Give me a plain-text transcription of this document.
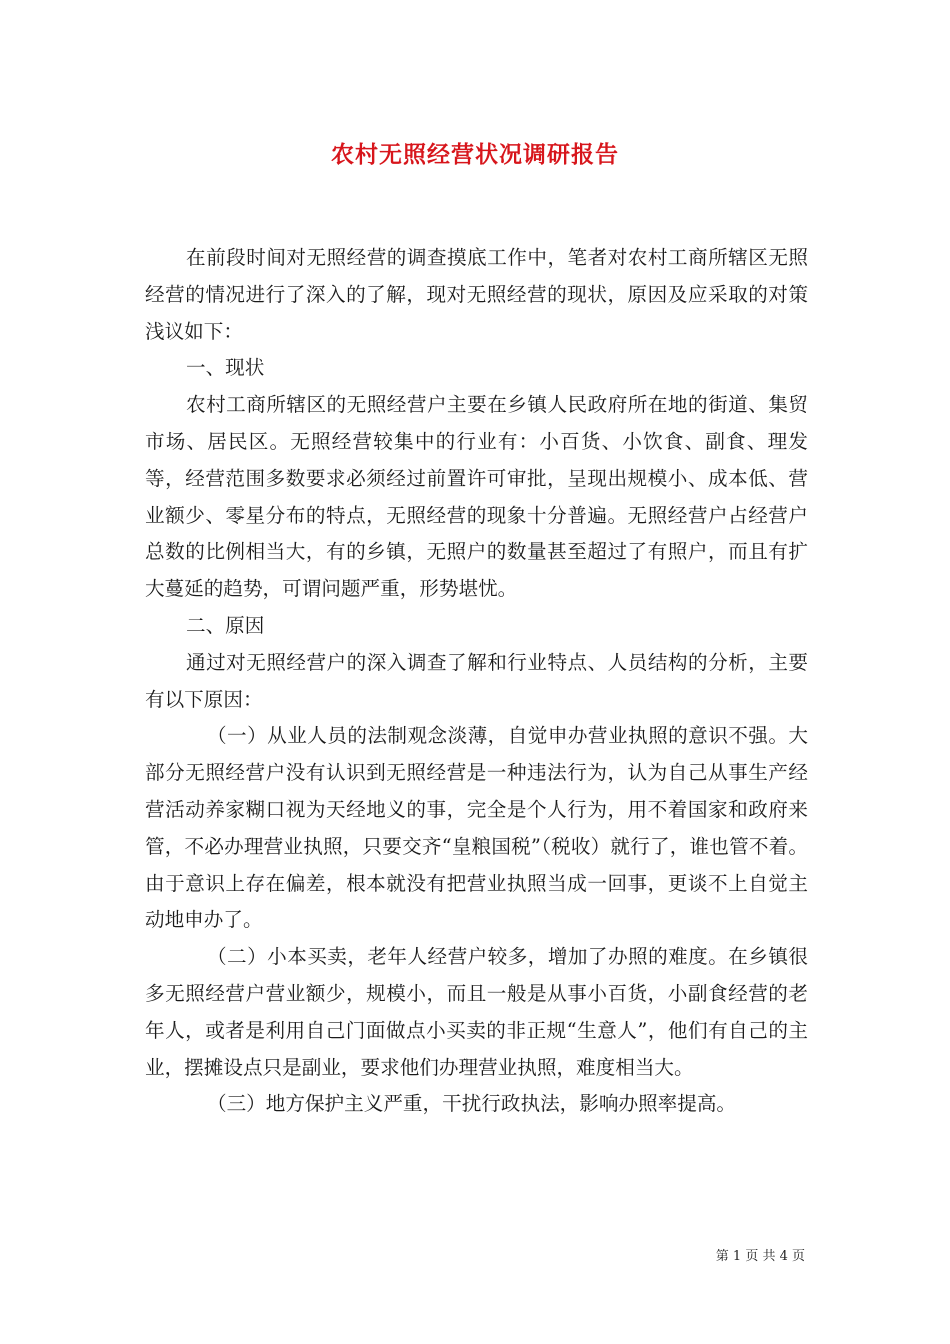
农村无照经营状况调研报告

在前段时间对无照经营的调查摸底工作中，笔者对农村工商所辖区无照经营的情况进行了深入的了解，现对无照经营的现状，原因及应采取的对策浅议如下：

一、现状

农村工商所辖区的无照经营户主要在乡镇人民政府所在地的街道、集贸市场、居民区。无照经营较集中的行业有：小百货、小饮食、副食、理发等，经营范围多数要求必须经过前置许可审批，呈现出规模小、成本低、营业额少、零星分布的特点，无照经营的现象十分普遍。无照经营户占经营户总数的比例相当大，有的乡镇，无照户的数量甚至超过了有照户，而且有扩大蔓延的趋势，可谓问题严重，形势堪忧。

二、原因

通过对无照经营户的深入调查了解和行业特点、人员结构的分析，主要有以下原因：

（一）从业人员的法制观念淡薄，自觉申办营业执照的意识不强。大部分无照经营户没有认识到无照经营是一种违法行为，认为自己从事生产经营活动养家糊口视为天经地义的事，完全是个人行为，用不着国家和政府来管，不必办理营业执照，只要交齐“皇粮国税”（税收）就行了，谁也管不着。由于意识上存在偏差，根本就没有把营业执照当成一回事，更谈不上自觉主动地申办了。

（二）小本买卖，老年人经营户较多，增加了办照的难度。在乡镇很多无照经营户营业额少，规模小，而且一般是从事小百货，小副食经营的老年人，或者是利用自己门面做点小买卖的非正规“生意人”，他们有自己的主业，摆摊设点只是副业，要求他们办理营业执照，难度相当大。

（三）地方保护主义严重，干扰行政执法，影响办照率提高。

第 1 页 共 4 页
